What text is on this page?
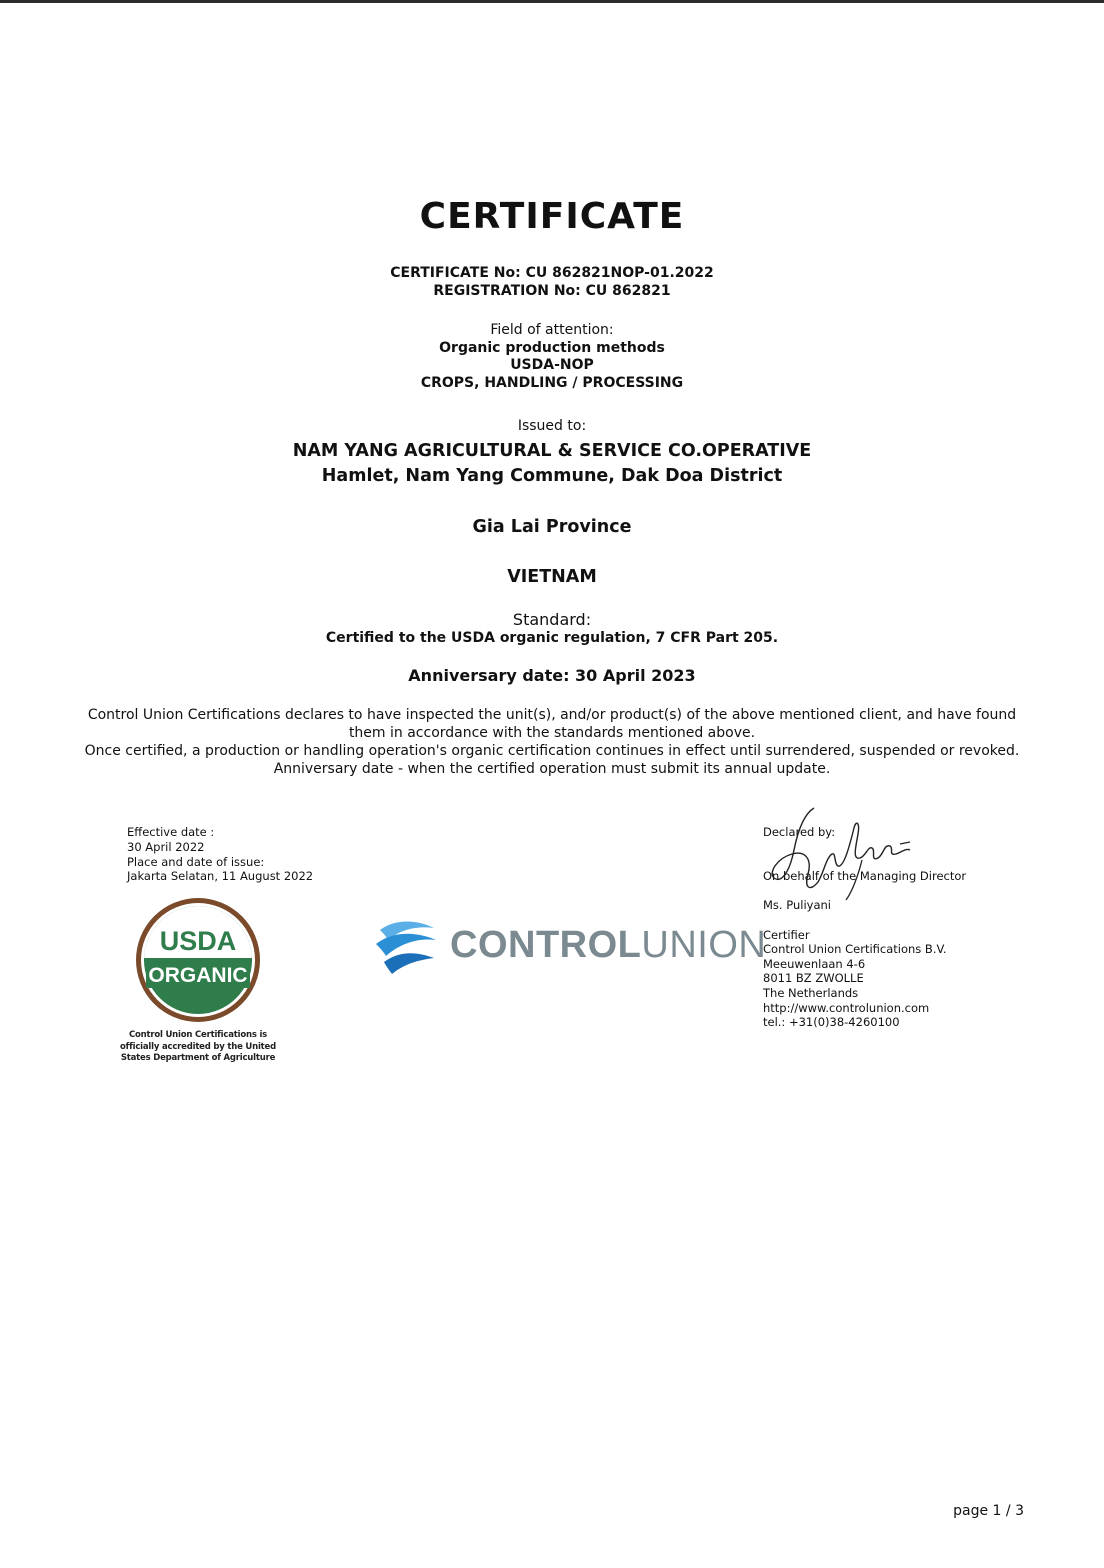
CERTIFICATE
CERTIFICATE No: CU 862821NOP-01.2022
REGISTRATION No: CU 862821
Field of attention:
Organic production methods
USDA-NOP
CROPS, HANDLING / PROCESSING
Issued to:
NAM YANG AGRICULTURAL & SERVICE CO.OPERATIVE
Hamlet, Nam Yang Commune, Dak Doa District
Gia Lai Province
VIETNAM
Standard:
Certified to the USDA organic regulation, 7 CFR Part 205.
Anniversary date: 30 April 2023
Control Union Certifications declares to have inspected the unit(s), and/or product(s) of the above mentioned client, and have found
them in accordance with the standards mentioned above.
Once certified, a production or handling operation's organic certification continues in effect until surrendered, suspended or revoked.
Anniversary date - when the certified operation must submit its annual update.
Effective date :
30 April 2022
Place and date of issue:
Jakarta Selatan, 11 August 2022
USDA
ORGANIC
Control Union Certifications is
officially accredited by the United
States Department of Agriculture
CONTROLUNION
Declared by:
On behalf of the Managing Director
Ms. Puliyani
Certifier
Control Union Certifications B.V.
Meeuwenlaan 4-6
8011 BZ ZWOLLE
The Netherlands
http://www.controlunion.com
tel.: +31(0)38-4260100
page 1 / 3
